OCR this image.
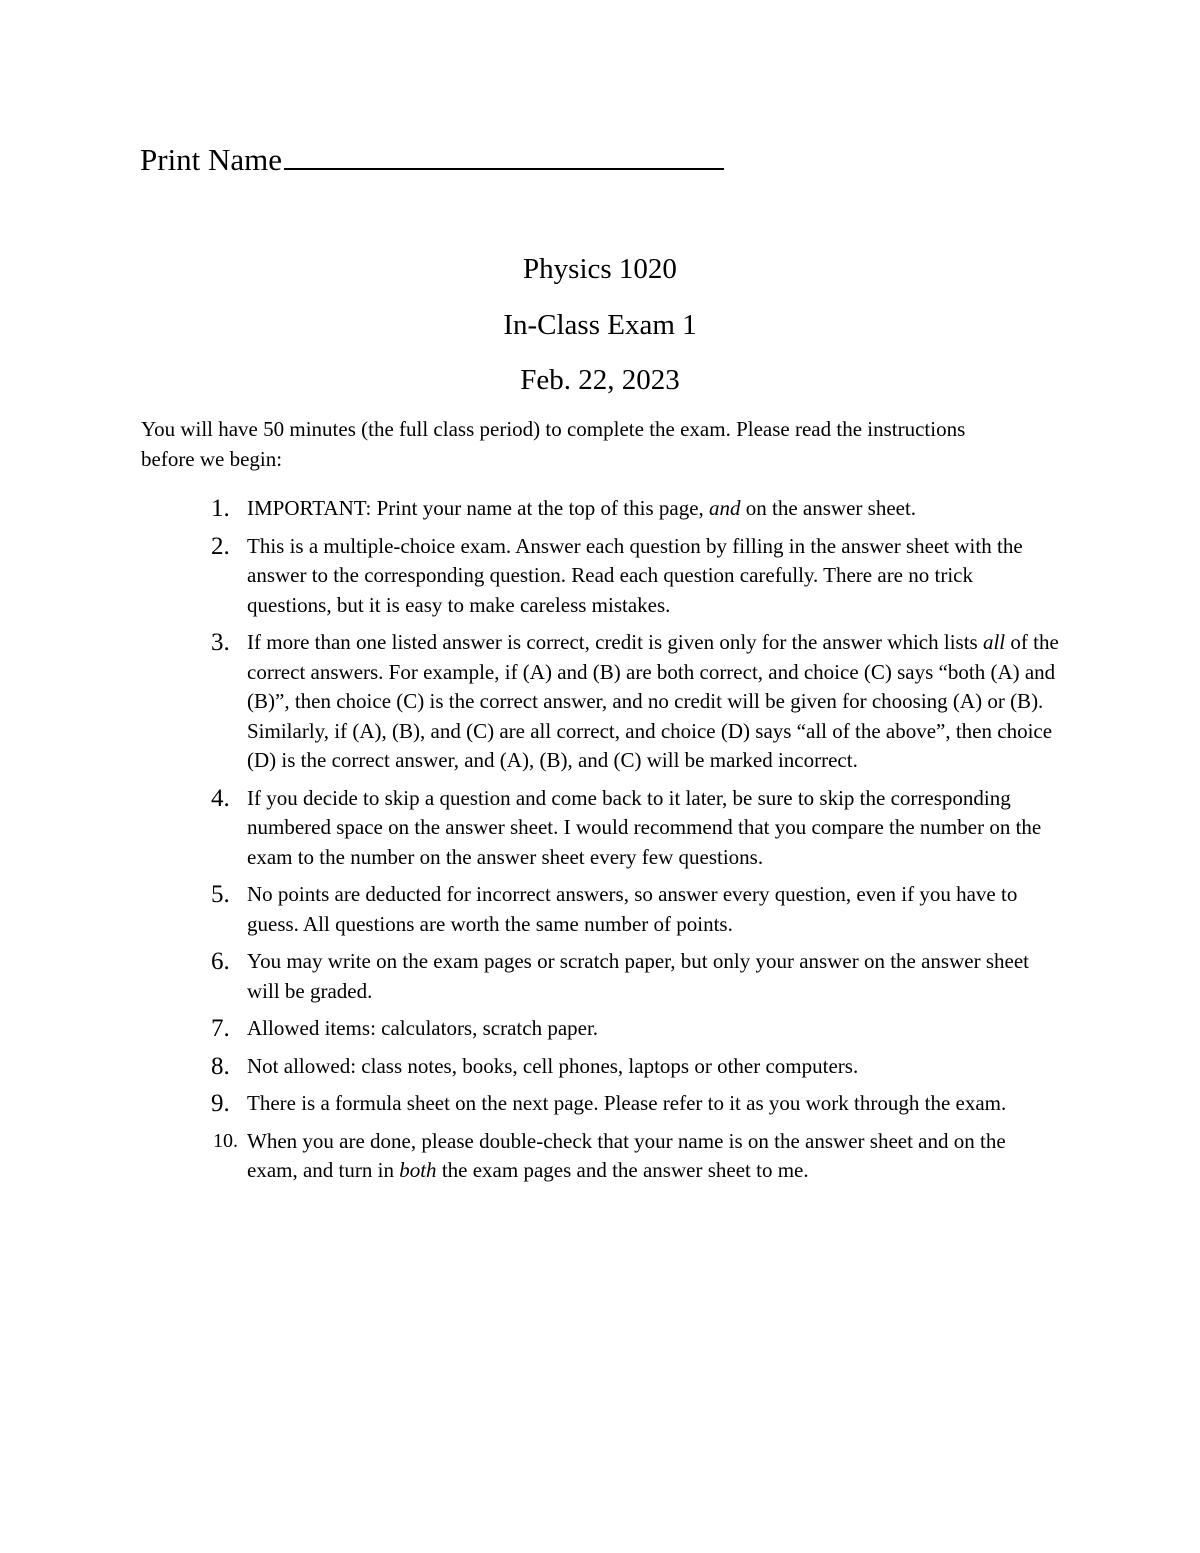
Print Name
Physics 1020
In-Class Exam 1
Feb. 22, 2023
You will have 50 minutes (the full class period) to complete the exam. Please read the instructions before we begin:
1. IMPORTANT: Print your name at the top of this page, and on the answer sheet.
2. This is a multiple-choice exam. Answer each question by filling in the answer sheet with the answer to the corresponding question. Read each question carefully. There are no trick questions, but it is easy to make careless mistakes.
3. If more than one listed answer is correct, credit is given only for the answer which lists all of the correct answers. For example, if (A) and (B) are both correct, and choice (C) says “both (A) and (B)”, then choice (C) is the correct answer, and no credit will be given for choosing (A) or (B). Similarly, if (A), (B), and (C) are all correct, and choice (D) says “all of the above”, then choice (D) is the correct answer, and (A), (B), and (C) will be marked incorrect.
4. If you decide to skip a question and come back to it later, be sure to skip the corresponding numbered space on the answer sheet. I would recommend that you compare the number on the exam to the number on the answer sheet every few questions.
5. No points are deducted for incorrect answers, so answer every question, even if you have to guess. All questions are worth the same number of points.
6. You may write on the exam pages or scratch paper, but only your answer on the answer sheet will be graded.
7. Allowed items: calculators, scratch paper.
8. Not allowed: class notes, books, cell phones, laptops or other computers.
9. There is a formula sheet on the next page. Please refer to it as you work through the exam.
10. When you are done, please double-check that your name is on the answer sheet and on the exam, and turn in both the exam pages and the answer sheet to me.
